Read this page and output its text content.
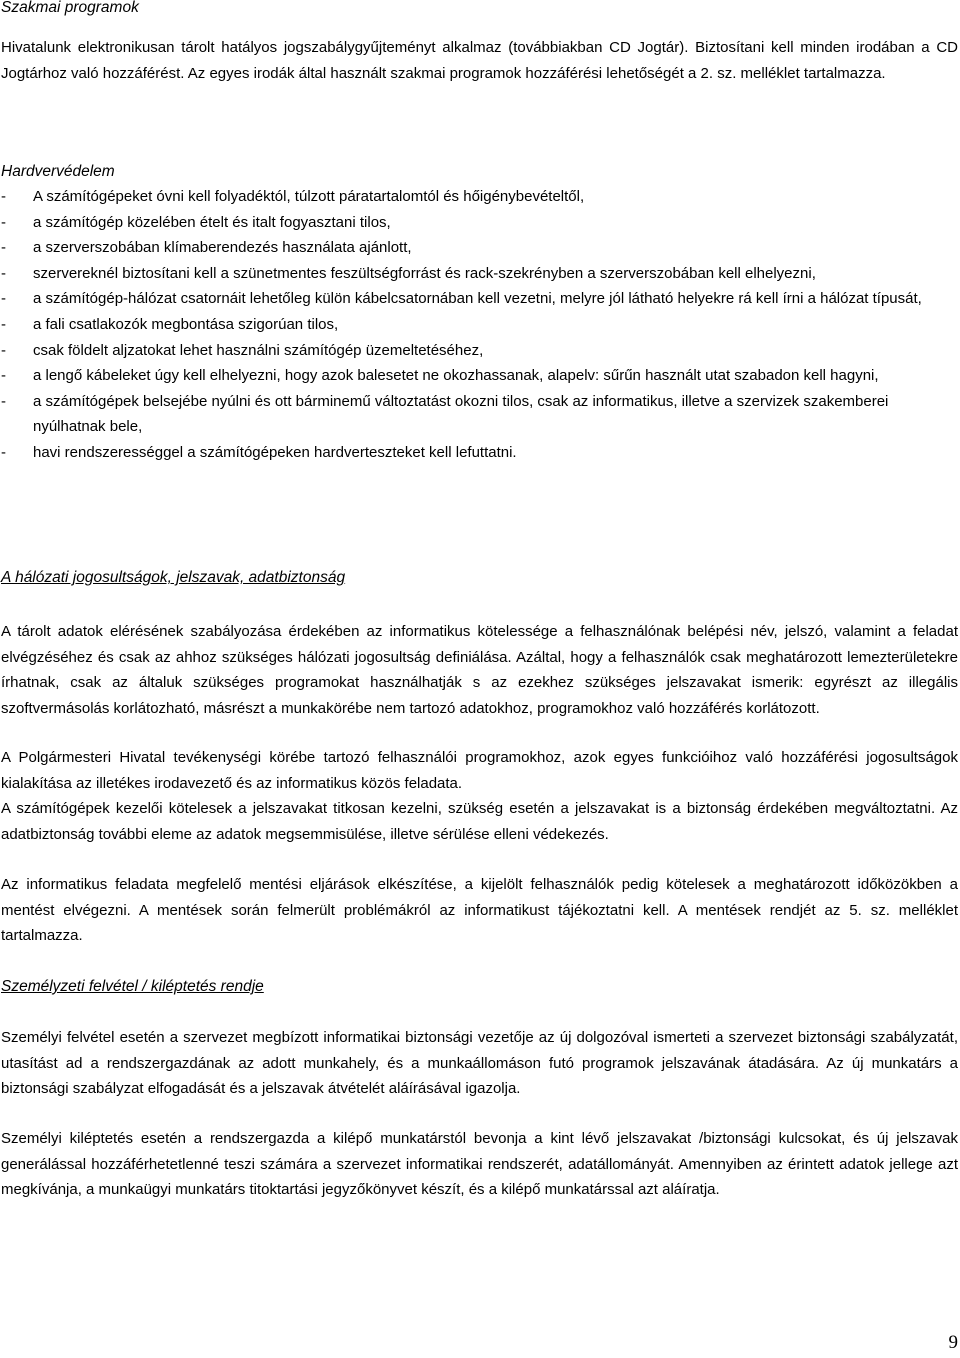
Szakmai programok

Hivatalunk elektronikusan tárolt hatályos jogszabálygyűjteményt alkalmaz (továbbiakban CD Jogtár). Biztosítani kell minden irodában a CD Jogtárhoz való hozzáférést. Az egyes irodák által használt szakmai programok hozzáférési lehetőségét a 2. sz. melléklet tartalmazza.

Hardvervédelem
- A számítógépeket óvni kell folyadéktól, túlzott páratartalomtól és hőigénybevételtől,
- a számítógép közelében ételt és italt fogyasztani tilos,
- a szerverszobában klímaberendezés használata ajánlott,
- szervereknél biztosítani kell a szünetmentes feszültségforrást és rack-szekrényben a szerverszobában kell elhelyezni,
- a számítógép-hálózat csatornáit lehetőleg külön kábelcsatornában kell vezetni, melyre jól látható helyekre rá kell írni a hálózat típusát,
- a fali csatlakozók megbontása szigorúan tilos,
- csak földelt aljzatokat lehet használni számítógép üzemeltetéséhez,
- a lengő kábeleket úgy kell elhelyezni, hogy azok balesetet ne okozhassanak, alapelv: sűrűn használt utat szabadon kell hagyni,
- a számítógépek belsejébe nyúlni és ott bárminemű változtatást okozni tilos, csak az informatikus, illetve a szervizek szakemberei nyúlhatnak bele,
- havi rendszerességgel a számítógépeken hardverteszteket kell lefuttatni.
A hálózati jogosultságok, jelszavak, adatbiztonság

A tárolt adatok elérésének szabályozása érdekében az informatikus kötelessége a felhasználónak belépési név, jelszó, valamint a feladat elvégzéséhez és csak az ahhoz szükséges hálózati jogosultság definiálása. Azáltal, hogy a felhasználók csak meghatározott lemezterületekre írhatnak, csak az általuk szükséges programokat használhatják s az ezekhez szükséges jelszavakat ismerik: egyrészt az illegális szoftvermásolás korlátozható, másrészt a munkakörébe nem tartozó adatokhoz, programokhoz való hozzáférés korlátozott.

A Polgármesteri Hivatal tevékenységi körébe tartozó felhasználói programokhoz, azok egyes funkcióihoz való hozzáférési jogosultságok kialakítása az illetékes irodavezető és az informatikus közös feladata.

A számítógépek kezelői kötelesek a jelszavakat titkosan kezelni, szükség esetén a jelszavakat is a biztonság érdekében megváltoztatni. Az adatbiztonság további eleme az adatok megsemmisülése, illetve sérülése elleni védekezés.

Az informatikus feladata megfelelő mentési eljárások elkészítése, a kijelölt felhasználók pedig kötelesek a meghatározott időközökben a mentést elvégezni. A mentések során felmerült problémákról az informatikust tájékoztatni kell. A mentések rendjét az 5. sz. melléklet tartalmazza.

Személyzeti felvétel / kiléptetés rendje

Személyi felvétel esetén a szervezet megbízott informatikai biztonsági vezetője az új dolgozóval ismerteti a szervezet biztonsági szabályzatát, utasítást ad a rendszergazdának az adott munkahely, és a munkaállomáson futó programok jelszavának átadására. Az új munkatárs a biztonsági szabályzat elfogadását és a jelszavak átvételét aláírásával igazolja.

Személyi kiléptetés esetén a rendszergazda a kilépő munkatárstól bevonja a kint lévő jelszavakat /biztonsági kulcsokat, és új jelszavak generálással hozzáférhetetlenné teszi számára a szervezet informatikai rendszerét, adatállományát. Amennyiben az érintett adatok jellege azt megkívánja, a munkaügyi munkatárs titoktartási jegyzőkönyvet készít, és a kilépő munkatárssal azt aláíratja.

9
